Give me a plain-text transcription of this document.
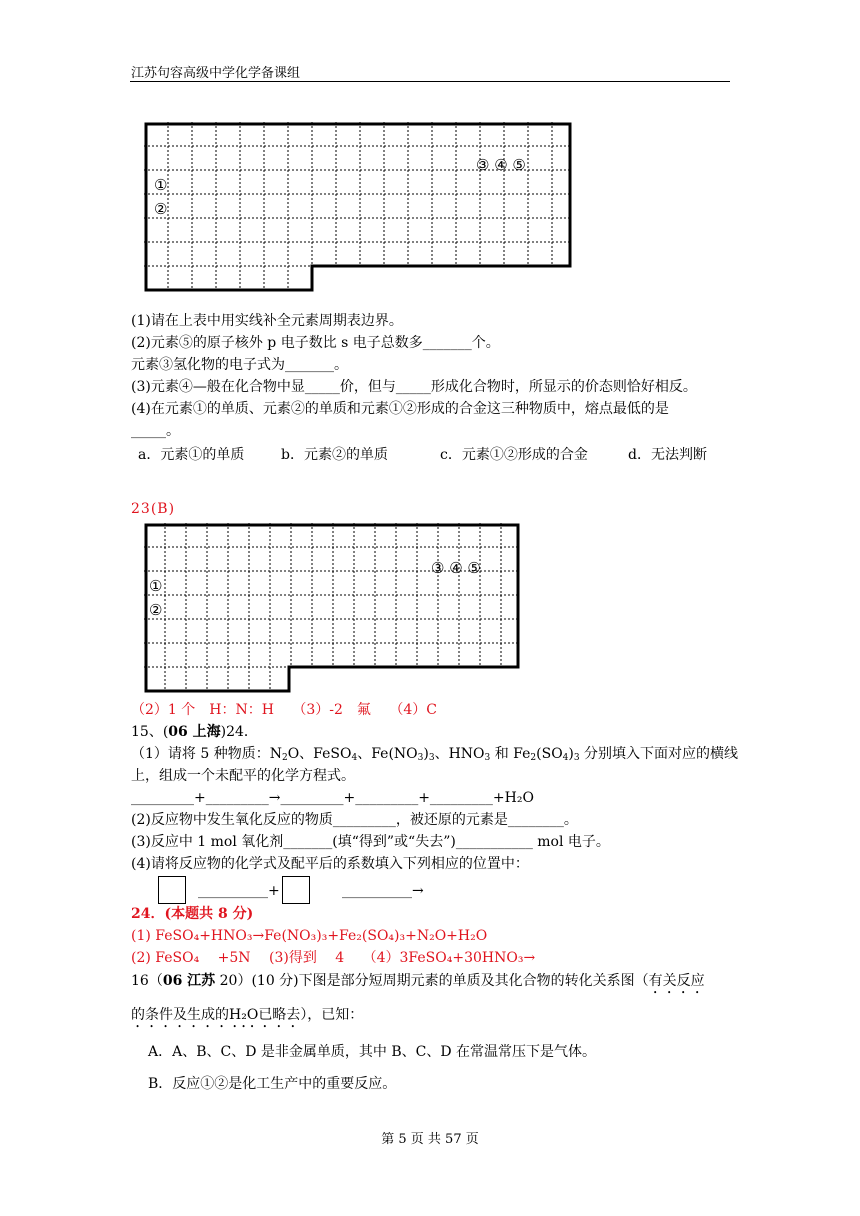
江苏句容高级中学化学备课组
①
②
③ ④ ⑤
(1)请在上表中用实线补全元素周期表边界。
(2)元素⑤的原子核外 p 电子数比 s 电子总数多_______个。
元素③氢化物的电子式为_______。
(3)元素④—般在化合物中显_____价，但与_____形成化合物时，所显示的价态则恰好相反。
(4)在元素①的单质、元素②的单质和元素①②形成的合金这三种物质中，熔点最低的是
_____。
a．元素①的单质	b．元素②的单质	c．元素①②形成的合金	d．无法判断
23(B)
①
②
③ ④ ⑤
（2）1 个　H：N：H　 （3）-2　氟　 （4）C
15、(06 上海)24．
（1）请将 5 种物质：$N_2O$、FeSO$_4$、$Fe(NO_3)_3$、$HNO_3$ 和 $Fe_2(SO_4)_3$ 分别填入下面对应的横线
上，组成一个未配平的化学方程式。
_________+_________→_________+_________+_________+H₂O
(2)反应物中发生氧化反应的物质_________，被还原的元素是________。
(3)反应中 1 mol 氧化剂_______(填“得到”或“失去”)___________ mol 电子。
(4)请将反应物的化学式及配平后的系数填入下列相应的位置中：
__________+	__________→
24．(本题共 8 分)
(1) FeSO₄+HNO₃→Fe(NO₃)₃+Fe₂(SO₄)₃+N₂O+H₂O
(2) FeSO₄　 +5N　 (3)得到　 4　 （4）3FeSO₄+30HNO₃→
16（06 江苏 20）(10 分)下图是部分短周期元素的单质及其化合物的转化关系图（有关反应
的条件及生成的H₂O已略去），已知：
A．A、B、C、D 是非金属单质，其中 B、C、D 在常温常压下是气体。
B．反应①②是化工生产中的重要反应。
第 5 页 共 57 页
